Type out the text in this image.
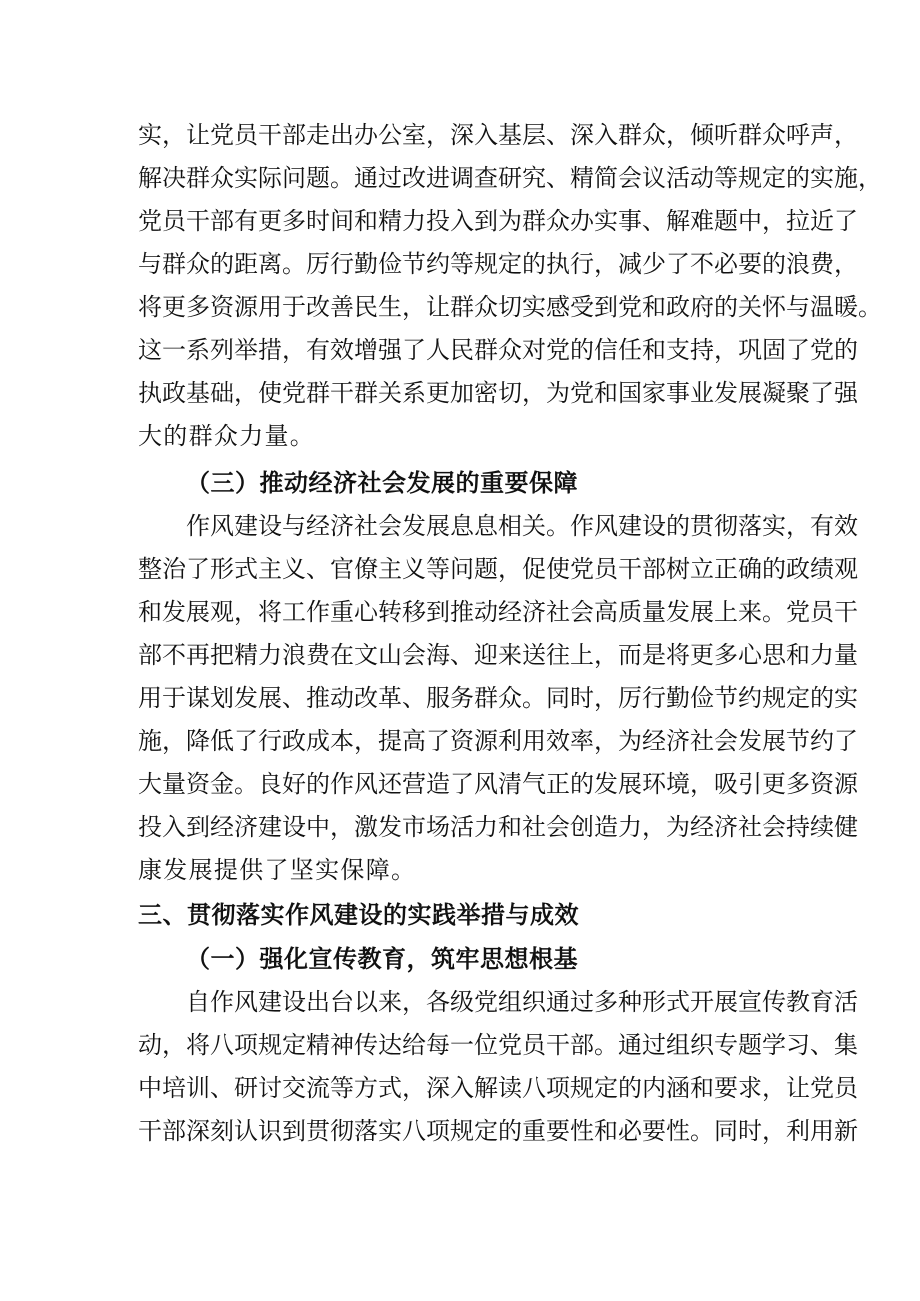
实，让党员干部走出办公室，深入基层、深入群众，倾听群众呼声，
解决群众实际问题。通过改进调查研究、精简会议活动等规定的实施，
党员干部有更多时间和精力投入到为群众办实事、解难题中，拉近了
与群众的距离。厉行勤俭节约等规定的执行，减少了不必要的浪费，
将更多资源用于改善民生，让群众切实感受到党和政府的关怀与温暖。
这一系列举措，有效增强了人民群众对党的信任和支持，巩固了党的
执政基础，使党群干群关系更加密切，为党和国家事业发展凝聚了强
大的群众力量。
（三）推动经济社会发展的重要保障
作风建设与经济社会发展息息相关。作风建设的贯彻落实，有效
整治了形式主义、官僚主义等问题，促使党员干部树立正确的政绩观
和发展观，将工作重心转移到推动经济社会高质量发展上来。党员干
部不再把精力浪费在文山会海、迎来送往上，而是将更多心思和力量
用于谋划发展、推动改革、服务群众。同时，厉行勤俭节约规定的实
施，降低了行政成本，提高了资源利用效率，为经济社会发展节约了
大量资金。良好的作风还营造了风清气正的发展环境，吸引更多资源
投入到经济建设中，激发市场活力和社会创造力，为经济社会持续健
康发展提供了坚实保障。
三、贯彻落实作风建设的实践举措与成效
（一）强化宣传教育，筑牢思想根基
自作风建设出台以来，各级党组织通过多种形式开展宣传教育活
动，将八项规定精神传达给每一位党员干部。通过组织专题学习、集
中培训、研讨交流等方式，深入解读八项规定的内涵和要求，让党员
干部深刻认识到贯彻落实八项规定的重要性和必要性。同时，利用新
